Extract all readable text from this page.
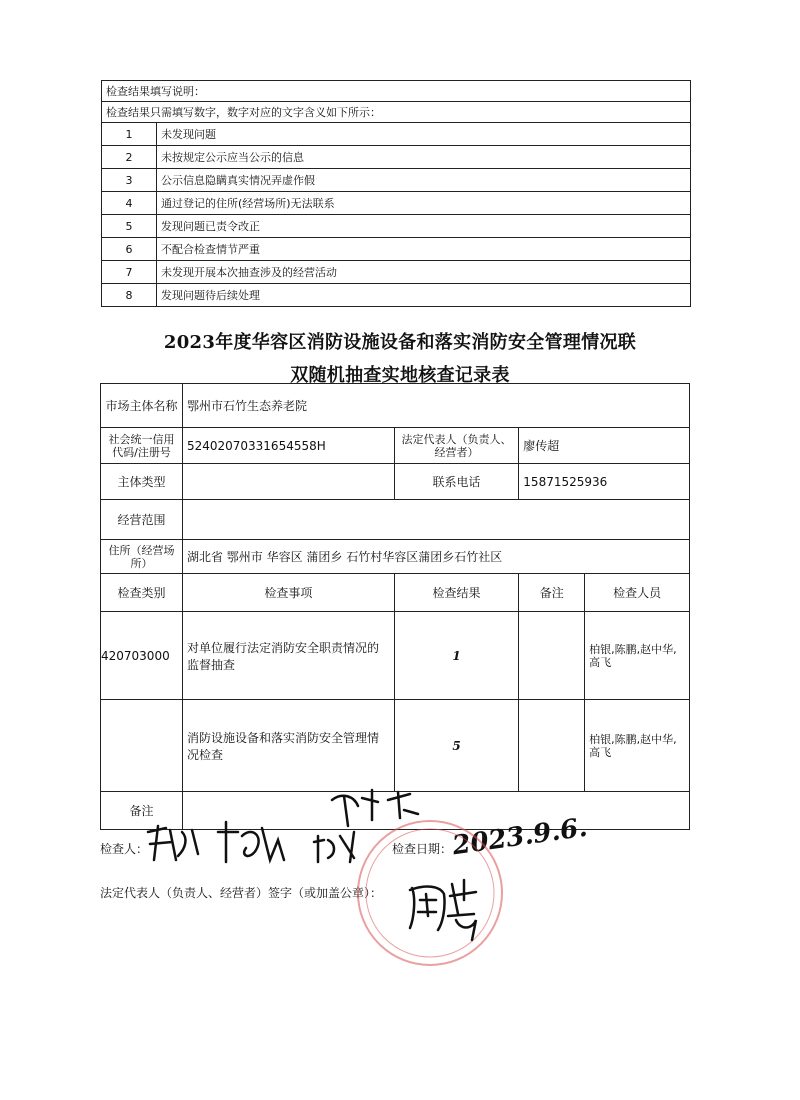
检查结果填写说明：	
检查结果只需填写数字，数字对应的文字含义如下所示：	
1	未发现问题
2	未按规定公示应当公示的信息
3	公示信息隐瞒真实情况弄虚作假
4	通过登记的住所(经营场所)无法联系
5	发现问题已责令改正
6	不配合检查情节严重
7	未发现开展本次抽查涉及的经营活动
8	发现问题待后续处理
2023年度华容区消防设施设备和落实消防安全管理情况联
双随机抽查实地核查记录表
市场主体名称	鄂州市石竹生态养老院			
社会统一信用代码/注册号	52402070331654558H	法定代表人（负责人、经营者）	廖传超	
主体类型		联系电话	15871525936	
经营范围				
住所（经营场所）	湖北省 鄂州市 华容区 蒲团乡 石竹村华容区蒲团乡石竹社区			
检查类别	检查事项	检查结果	备注	检查人员
420703000	对单位履行法定消防安全职责情况的监督抽查	1		柏银,陈鹏,赵中华,高飞
	消防设施设备和落实消防安全管理情况检查	5		柏银,陈鹏,赵中华,高飞
备注				
检查人：	检查日期：
2023.9.6.
法定代表人（负责人、经营者）签字（或加盖公章）：
